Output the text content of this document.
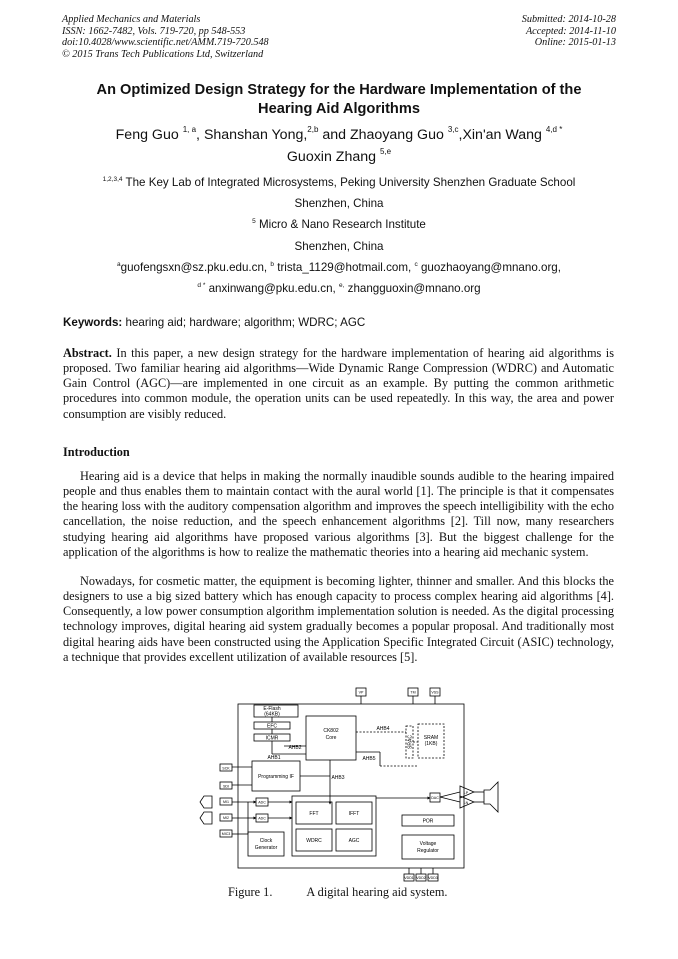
Applied Mechanics and Materials
ISSN: 1662-7482, Vols. 719-720, pp 548-553
doi:10.4028/www.scientific.net/AMM.719-720.548
© 2015 Trans Tech Publications Ltd, Switzerland
Submitted: 2014-10-28
Accepted: 2014-11-10
Online: 2015-01-13
An Optimized Design Strategy for the Hardware Implementation of the
Hearing Aid Algorithms
Feng Guo $^{1, a}$, Shanshan Yong,$^{2,b}$ and Zhaoyang Guo $^{3,c}$,Xin'an Wang $^{4,d *}$
Guoxin Zhang $^{5,e}$
$^{1,2,3,4}$ The Key Lab of Integrated Microsystems, Peking University Shenzhen Graduate School
Shenzhen, China
$^5$ Micro & Nano Research Institute
Shenzhen, China
$^a$guofengsxn@sz.pku.edu.cn, $^b$ trista_1129@hotmail.com, $^c$ guozhaoyang@mnano.org,
$^{d *}$ anxinwang@pku.edu.cn, $^{e,}$ zhangguoxin@mnano.org
Keywords: hearing aid; hardware; algorithm; WDRC; AGC

Abstract. In this paper, a new design strategy for the hardware implementation of hearing aid algorithms is proposed. Two familiar hearing aid algorithms—Wide Dynamic Range Compression (WDRC) and Automatic Gain Control (AGC)—are implemented in one circuit as an example. By putting the common arithmetic procedures into common module, the operation units can be used repeatedly. In this way, the area and power consumption are visibly reduced.

Introduction

Hearing aid is a device that helps in making the normally inaudible sounds audible to the hearing impaired people and thus enables them to maintain contact with the aural world [1]. The principle is that it compensates the hearing loss with the auditory compensation algorithm and improves the speech intelligibility with the echo cancellation, the noise reduction, and the speech enhancement algorithms [2]. Till now, many researchers studying hearing aid algorithms have proposed various algorithms [3]. But the biggest challenge for the application of the algorithms is how to realize the mathematic theories into a hearing aid mechanic system.

Nowadays, for cosmetic matter, the equipment is becoming lighter, thinner and smaller. And this blocks the designers to use a big sized battery which has enough capacity to process complex hearing aid algorithms [4]. Consequently, a low power consumption algorithm implementation solution is needed. As the digital processing technology improves, digital hearing aid system gradually becomes a popular proposal. And traditionally most digital hearing aids have been constructed using the Application Specific Integrated Circuit (ASIC) technology, a technique that provides excellent utilization of available resources [5].

E-Flash
(64KB)
EFC
ICMR
AHB1
AHB2
CK802
Core
AHB4
AHB5
SRAM
(1KB)
SRAC
Programming IF	AHB3
FFT	IFFT
WDRC	AGC
Clock
Generator
POR
Voltage
Regulator
SCK
SDI
MI1
MI2
MIC3
ADC
ADC
DAC
VP	TM	VSS
VDD1 VDD2 VDD3
LP
LN
Figure 1.	A digital hearing aid system.
